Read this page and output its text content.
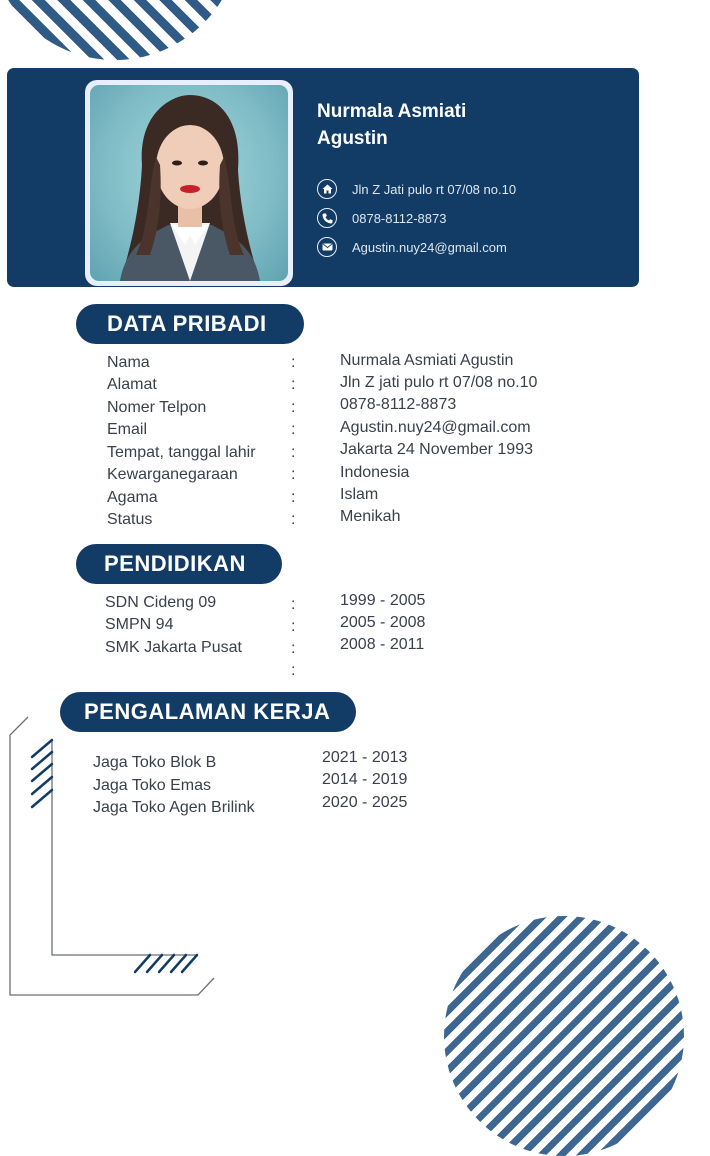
Nurmala Asmiati
Agustin
Jln Z Jati pulo rt 07/08 no.10
0878-8112-8873
Agustin.nuy24@gmail.com
DATA PRIBADI
Nama	:	Nurmala Asmiati Agustin
Alamat	:	Jln Z jati pulo rt 07/08 no.10
Nomer Telpon	:	0878-8112-8873
Email	:	Agustin.nuy24@gmail.com
Tempat, tanggal lahir :	Jakarta 24 November 1993
Kewarganegaraan	:	Indonesia
Agama	:	Islam
Status	:	Menikah
PENDIDIKAN
SDN Cideng 09	:	1999 - 2005
SMPN 94	:	2005 - 2008
SMK Jakarta Pusat	:	2008 - 2011
:
PENGALAMAN KERJA
Jaga Toko Blok B	2021 - 2013
Jaga Toko Emas	2014 - 2019
Jaga Toko Agen Brilink	2020 - 2025
